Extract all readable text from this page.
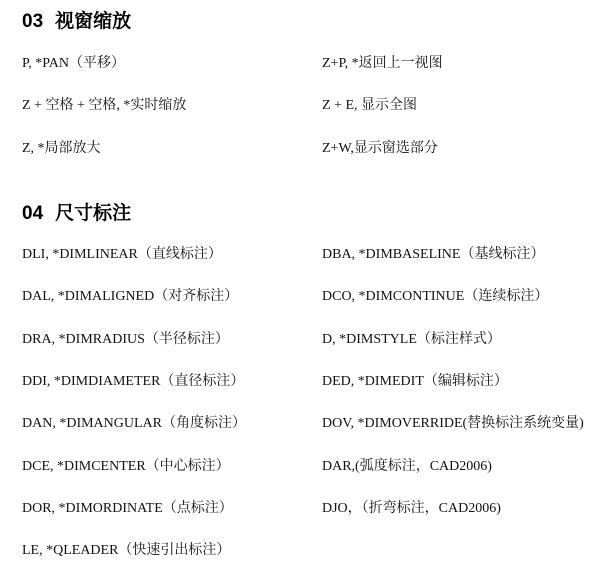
03 视窗缩放
P, *PAN（平移）	Z+P, *返回上一视图
Z + 空格 + 空格, *实时缩放	Z + E, 显示全图
Z, *局部放大	Z+W,显示窗选部分
04 尺寸标注
DLI, *DIMLINEAR（直线标注）	DBA, *DIMBASELINE（基线标注）
DAL, *DIMALIGNED（对齐标注）	DCO, *DIMCONTINUE（连续标注）
DRA, *DIMRADIUS（半径标注）	D, *DIMSTYLE（标注样式）
DDI, *DIMDIAMETER（直径标注）	DED, *DIMEDIT（编辑标注）
DAN, *DIMANGULAR（角度标注）	DOV, *DIMOVERRIDE(替换标注系统变量)
DCE, *DIMCENTER（中心标注）	DAR,(弧度标注，CAD2006)
DOR, *DIMORDINATE（点标注）	DJO，（折弯标注，CAD2006)
LE, *QLEADER（快速引出标注）
